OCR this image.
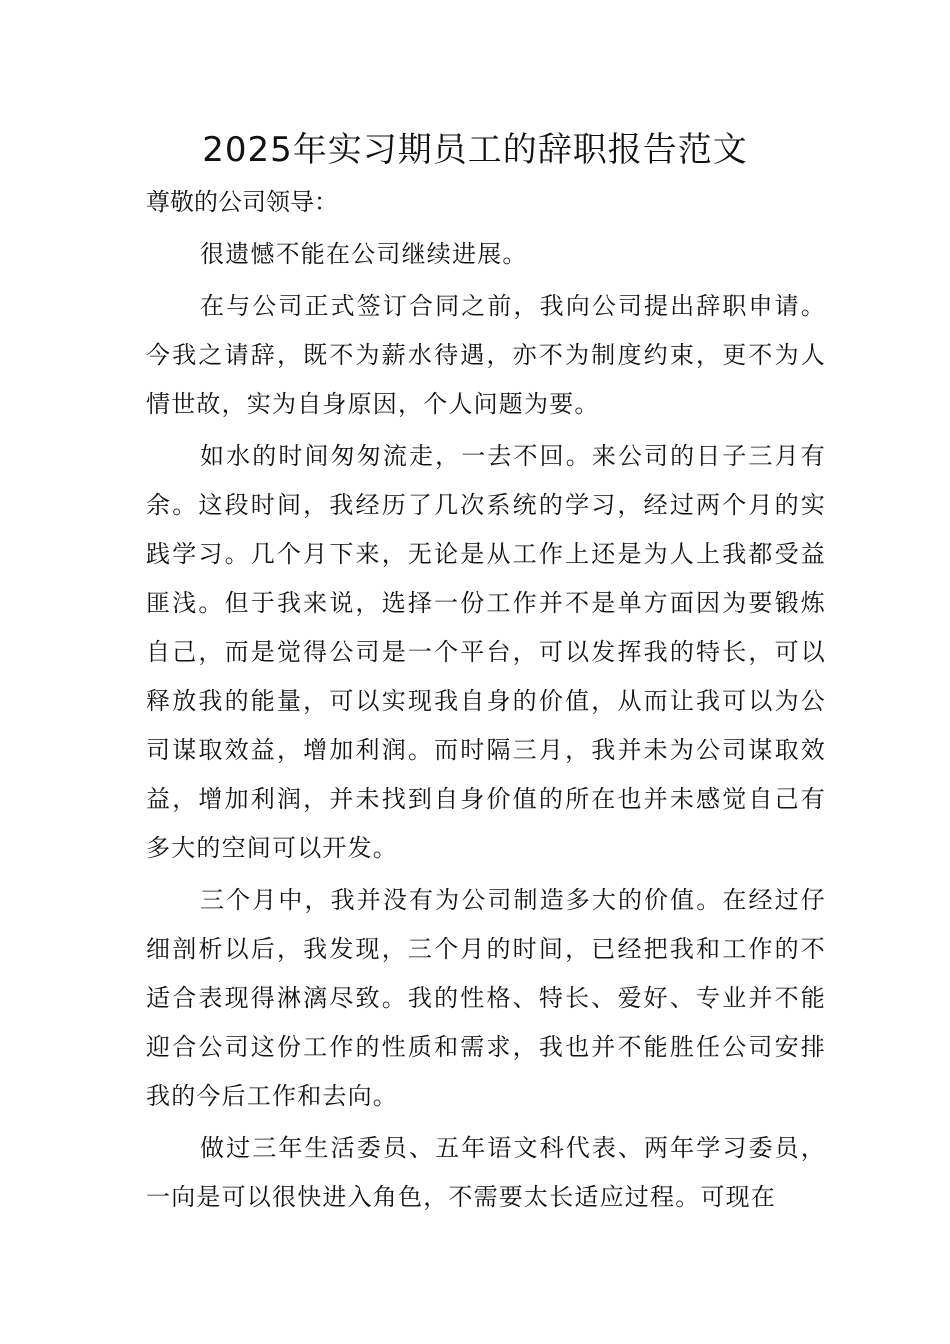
2025年实习期员工的辞职报告范文

尊敬的公司领导：

很遗憾不能在公司继续进展。

在与公司正式签订合同之前，我向公司提出辞职申请。今我之请辞，既不为薪水待遇，亦不为制度约束，更不为人情世故，实为自身原因，个人问题为要。

如水的时间匆匆流走，一去不回。来公司的日子三月有余。这段时间，我经历了几次系统的学习，经过两个月的实践学习。几个月下来，无论是从工作上还是为人上我都受益匪浅。但于我来说，选择一份工作并不是单方面因为要锻炼自己，而是觉得公司是一个平台，可以发挥我的特长，可以释放我的能量，可以实现我自身的价值，从而让我可以为公司谋取效益，增加利润。而时隔三月，我并未为公司谋取效益，增加利润，并未找到自身价值的所在也并未感觉自己有多大的空间可以开发。

三个月中，我并没有为公司制造多大的价值。在经过仔细剖析以后，我发现，三个月的时间，已经把我和工作的不适合表现得淋漓尽致。我的性格、特长、爱好、专业并不能迎合公司这份工作的性质和需求，我也并不能胜任公司安排我的今后工作和去向。

做过三年生活委员、五年语文科代表、两年学习委员，一向是可以很快进入角色，不需要太长适应过程。可现在
